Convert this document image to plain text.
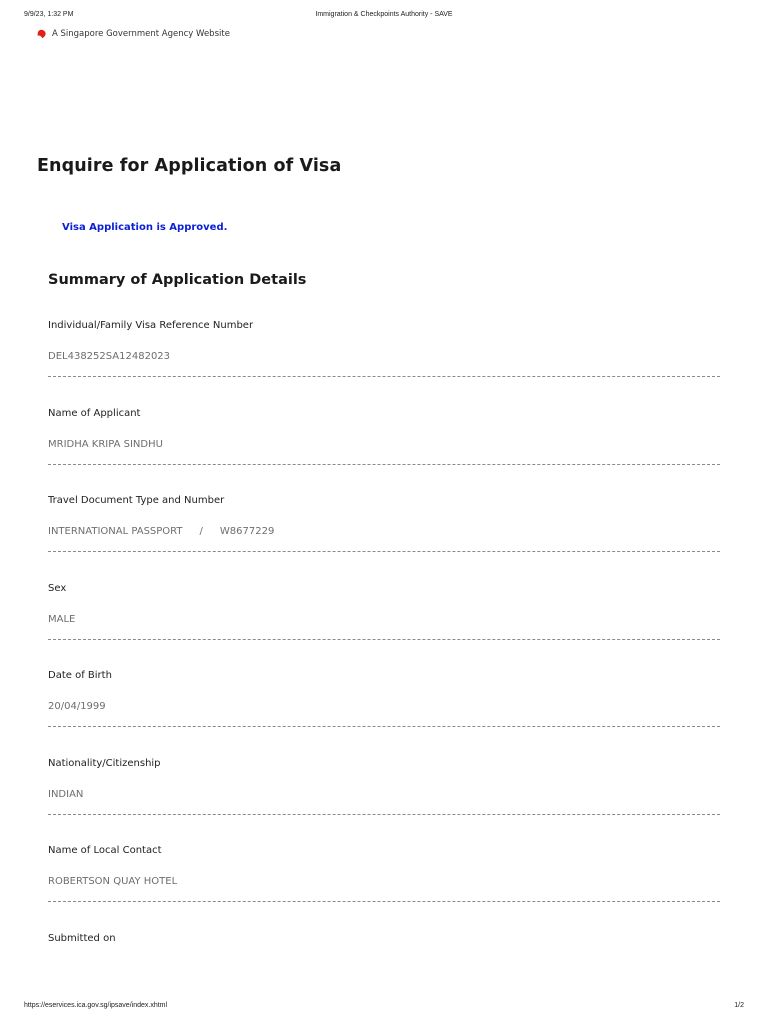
9/9/23, 1:32 PM	Immigration & Checkpoints Authority - SAVE
A Singapore Government Agency Website
Enquire for Application of Visa
Visa Application is Approved.
Summary of Application Details
Individual/Family Visa Reference Number
DEL438252SA12482023
Name of Applicant
MRIDHA KRIPA SINDHU
Travel Document Type and Number
INTERNATIONAL PASSPORT / W8677229
Sex
MALE
Date of Birth
20/04/1999
Nationality/Citizenship
INDIAN
Name of Local Contact
ROBERTSON QUAY HOTEL
Submitted on
https://eservices.ica.gov.sg/ipsave/index.xhtml	1/2
